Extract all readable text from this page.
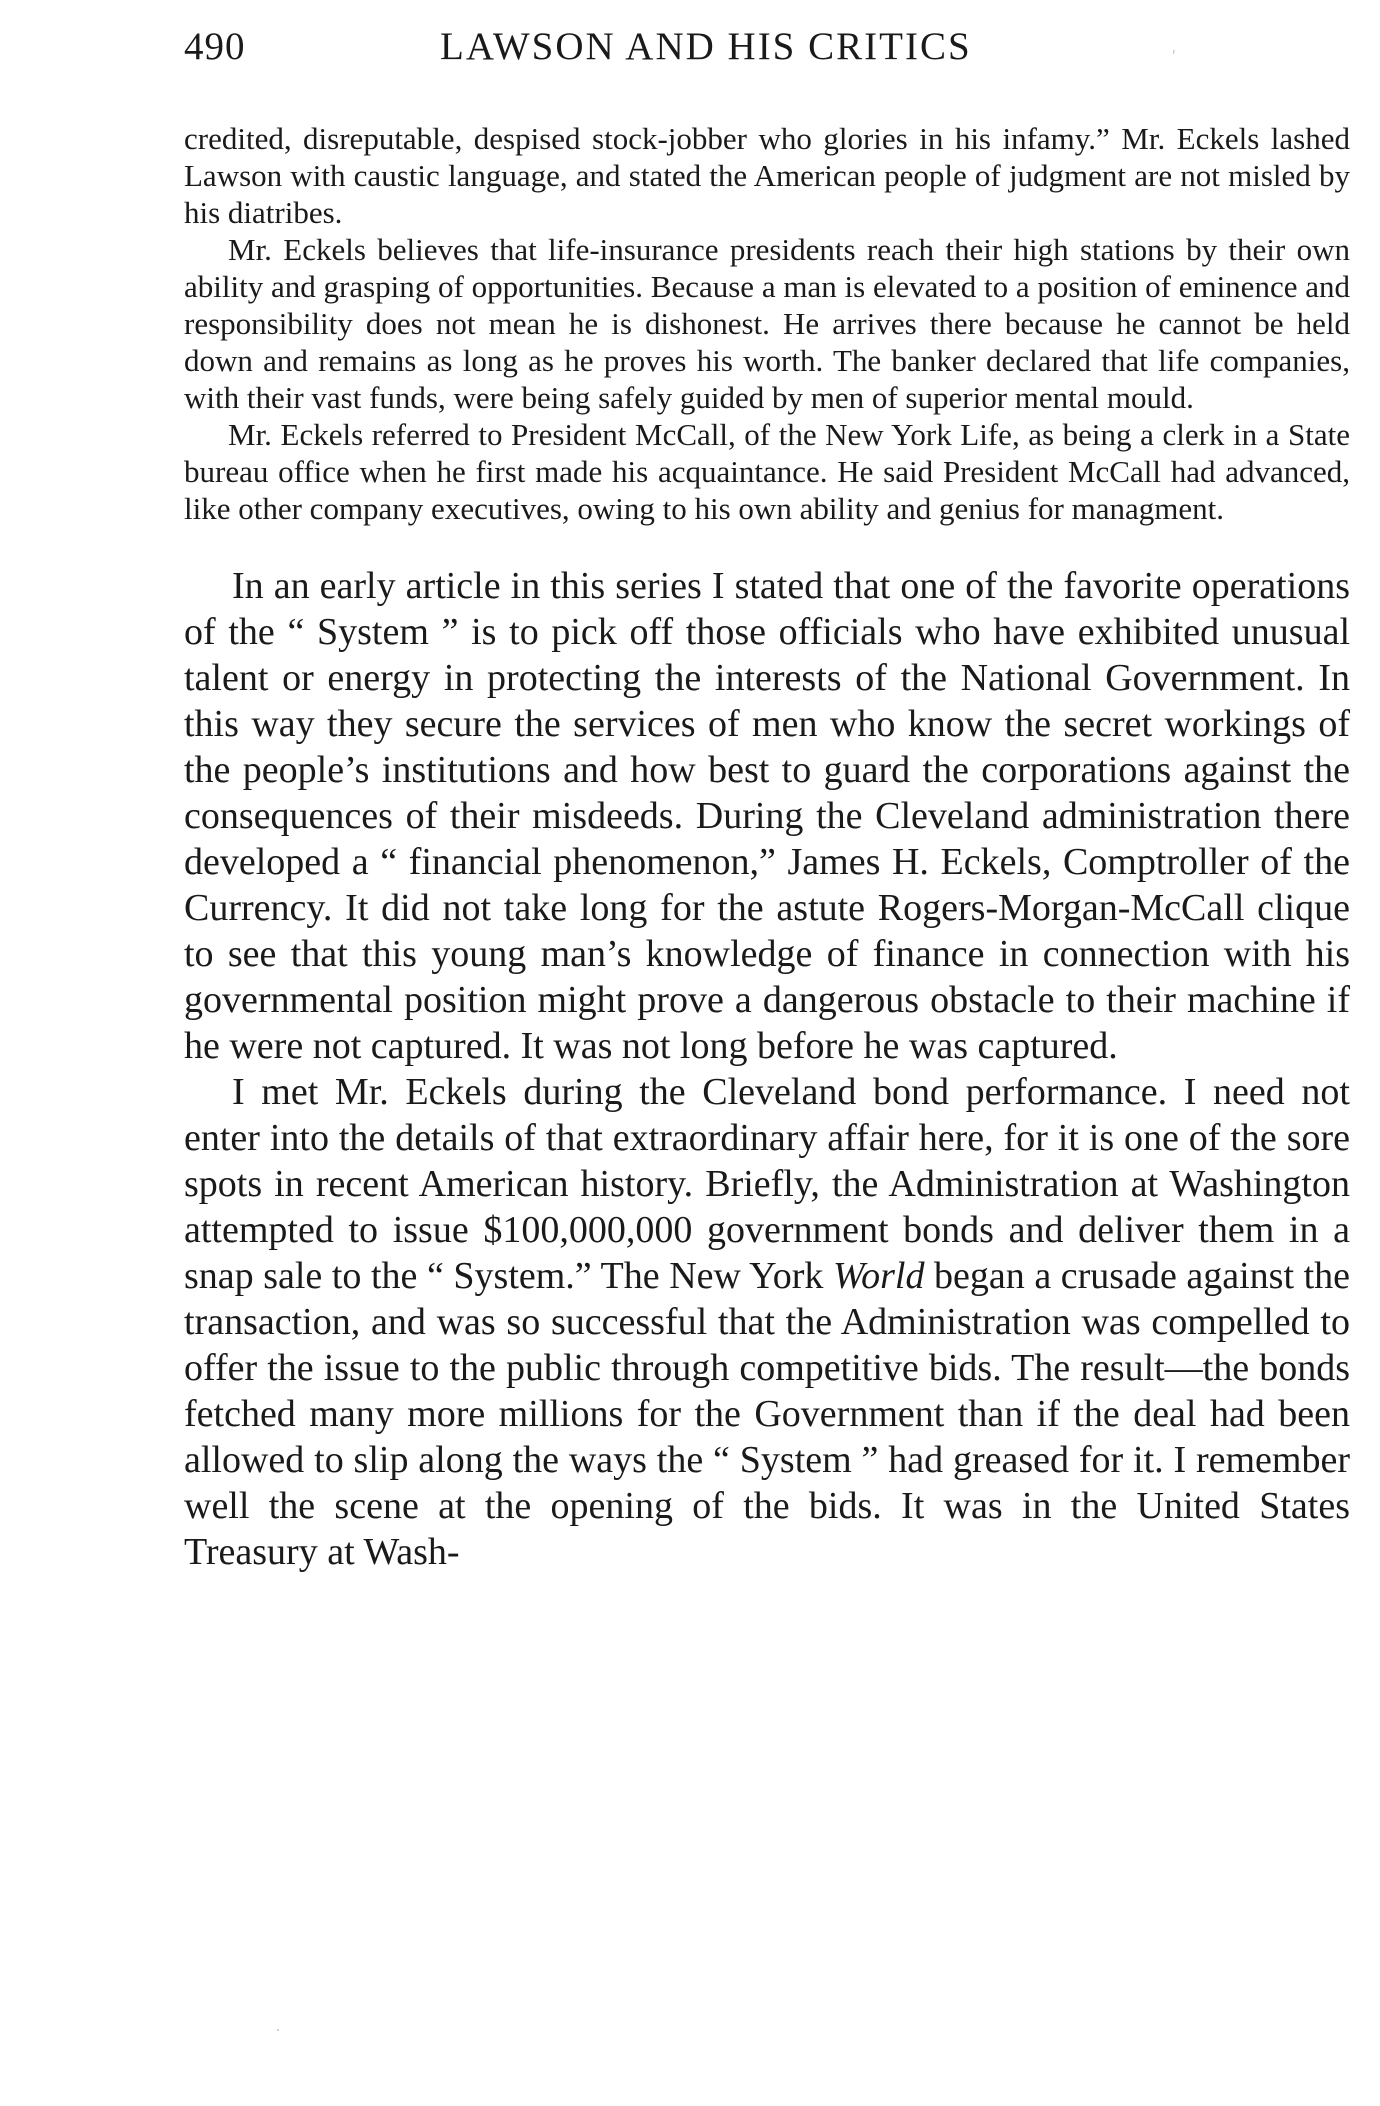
490	LAWSON AND HIS CRITICS

credited, disreputable, despised stock-jobber who glories in his infamy.” Mr. Eckels lashed Lawson with caustic language, and stated the American people of judgment are not misled by his diatribes.

Mr. Eckels believes that life-insurance presidents reach their high stations by their own ability and grasping of opportunities. Because a man is elevated to a position of eminence and responsibility does not mean he is dishonest. He arrives there because he cannot be held down and remains as long as he proves his worth. The banker declared that life companies, with their vast funds, were being safely guided by men of superior mental mould.

Mr. Eckels referred to President McCall, of the New York Life, as being a clerk in a State bureau office when he first made his acquaintance. He said President McCall had advanced, like other company executives, owing to his own ability and genius for managment.

In an early article in this series I stated that one of the favorite operations of the “ System ” is to pick off those officials who have exhibited unusual talent or energy in protecting the interests of the National Government. In this way they secure the services of men who know the secret workings of the people’s institutions and how best to guard the corporations against the consequences of their misdeeds. During the Cleveland administration there developed a “ financial phenomenon,” James H. Eckels, Comptroller of the Currency. It did not take long for the astute Rogers-Morgan-McCall clique to see that this young man’s knowledge of finance in connection with his governmental position might prove a dangerous obstacle to their machine if he were not captured. It was not long before he was captured.

I met Mr. Eckels during the Cleveland bond performance. I need not enter into the details of that extraordinary affair here, for it is one of the sore spots in recent American history. Briefly, the Administration at Washington attempted to issue $100,000,000 government bonds and deliver them in a snap sale to the “ System.” The New York World began a crusade against the transaction, and was so successful that the Administration was compelled to offer the issue to the public through competitive bids. The result—the bonds fetched many more millions for the Government than if the deal had been allowed to slip along the ways the “ System ” had greased for it. I remember well the scene at the opening of the bids. It was in the United States Treasury at Wash-

′
·
